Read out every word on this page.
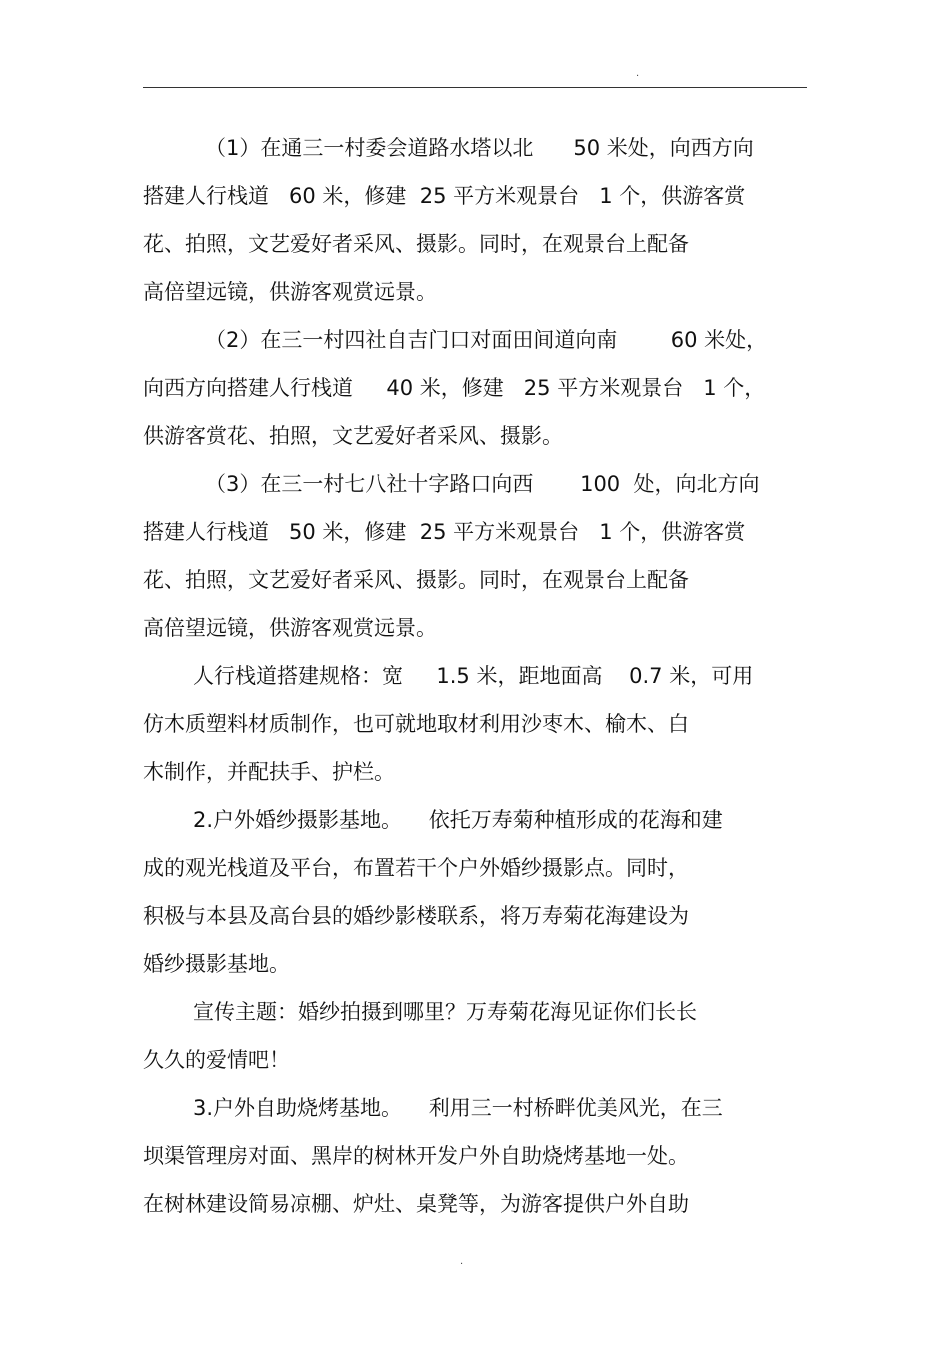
.
（1）在通三一村委会道路水塔以北      50 米处，向西方向
搭建人行栈道   60 米，修建  25 平方米观景台   1 个，供游客赏
花、拍照，文艺爱好者采风、摄影。同时，在观景台上配备
高倍望远镜，供游客观赏远景。
（2）在三一村四社自吉门口对面田间道向南        60 米处，
向西方向搭建人行栈道     40 米，修建   25 平方米观景台   1 个，
供游客赏花、拍照，文艺爱好者采风、摄影。
（3）在三一村七八社十字路口向西       100  处，向北方向
搭建人行栈道   50 米，修建  25 平方米观景台   1 个，供游客赏
花、拍照，文艺爱好者采风、摄影。同时，在观景台上配备
高倍望远镜，供游客观赏远景。
人行栈道搭建规格：宽     1.5 米，距地面高    0.7 米，可用
仿木质塑料材质制作，也可就地取材利用沙枣木、榆木、白
木制作，并配扶手、护栏。
2.户外婚纱摄影基地。    依托万寿菊种植形成的花海和建
成的观光栈道及平台，布置若干个户外婚纱摄影点。同时，
积极与本县及高台县的婚纱影楼联系，将万寿菊花海建设为
婚纱摄影基地。
宣传主题：婚纱拍摄到哪里？万寿菊花海见证你们长长
久久的爱情吧！
3.户外自助烧烤基地。    利用三一村桥畔优美风光，在三
坝渠管理房对面、黑岸的树林开发户外自助烧烤基地一处。
在树林建设简易凉棚、炉灶、桌凳等，为游客提供户外自助
.
